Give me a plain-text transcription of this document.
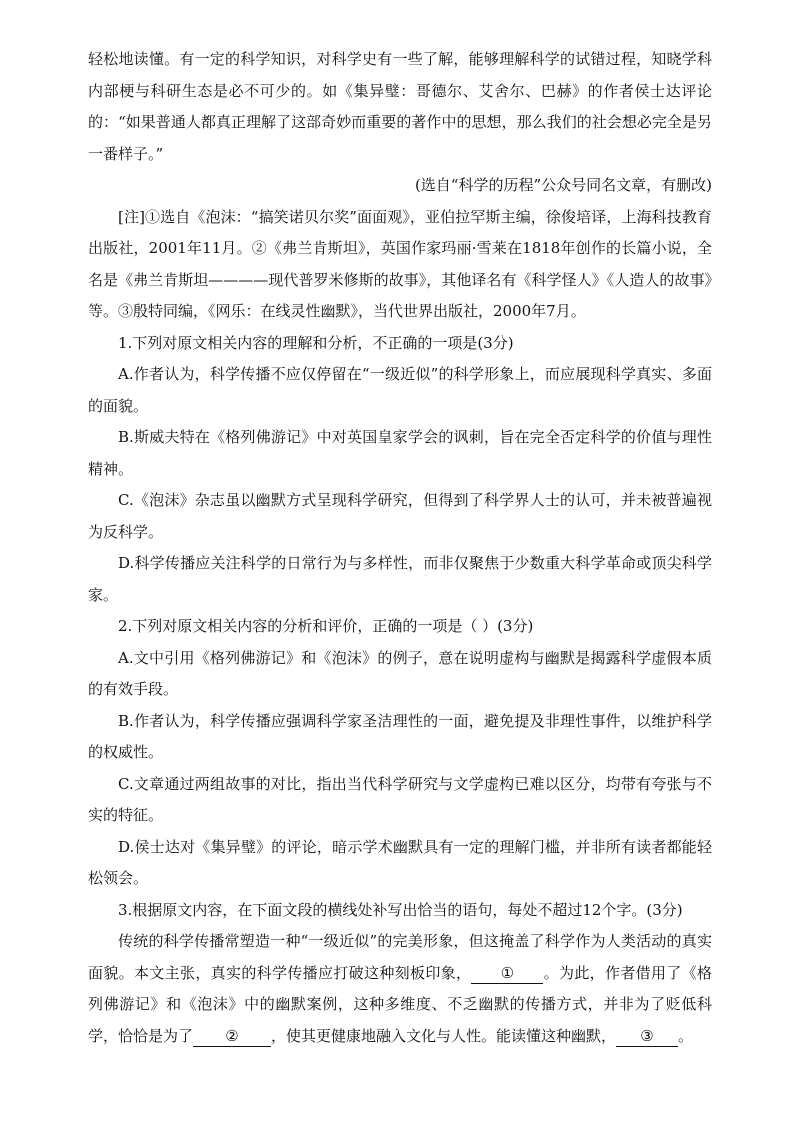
轻松地读懂。有一定的科学知识，对科学史有一些了解，能够理解科学的试错过程，知晓学科内部梗与科研生态是必不可少的。如《集异璧：哥德尔、艾舍尔、巴赫》的作者侯士达评论的：“如果普通人都真正理解了这部奇妙而重要的著作中的思想，那么我们的社会想必完全是另一番样子。”

(选自“科学的历程”公众号同名文章，有删改)

[注]①选自《泡沫：“搞笑诺贝尔奖”面面观》，亚伯拉罕斯主编，徐俊培译，上海科技教育出版社，2001年11月。②《弗兰肯斯坦》，英国作家玛丽·雪莱在1818年创作的长篇小说，全名是《弗兰肯斯坦————现代普罗米修斯的故事》，其他译名有《科学怪人》《人造人的故事》等。③殷特同编，《网乐：在线灵性幽默》，当代世界出版社，2000年7月。

1.下列对原文相关内容的理解和分析，不正确的一项是(3分)

A.作者认为，科学传播不应仅停留在“一级近似”的科学形象上，而应展现科学真实、多面的面貌。

B.斯威夫特在《格列佛游记》中对英国皇家学会的讽刺，旨在完全否定科学的价值与理性精神。

C.《泡沫》杂志虽以幽默方式呈现科学研究，但得到了科学界人士的认可，并未被普遍视为反科学。

D.科学传播应关注科学的日常行为与多样性，而非仅聚焦于少数重大科学革命或顶尖科学家。

2.下列对原文相关内容的分析和评价，正确的一项是（ ）(3分)

A.文中引用《格列佛游记》和《泡沫》的例子，意在说明虚构与幽默是揭露科学虚假本质的有效手段。

B.作者认为，科学传播应强调科学家圣洁理性的一面，避免提及非理性事件，以维护科学的权威性。

C.文章通过两组故事的对比，指出当代科学研究与文学虚构已难以区分，均带有夸张与不实的特征。

D.侯士达对《集异璧》的评论，暗示学术幽默具有一定的理解门槛，并非所有读者都能轻松领会。

3.根据原文内容，在下面文段的横线处补写出恰当的语句，每处不超过12个字。(3分)

传统的科学传播常塑造一种“一级近似”的完美形象，但这掩盖了科学作为人类活动的真实面貌。本文主张，真实的科学传播应打破这种刻板印象， ① 。为此，作者借用了《格列佛游记》和《泡沫》中的幽默案例，这种多维度、不乏幽默的传播方式，并非为了贬低科学，恰恰是为了 ② ，使其更健康地融入文化与人性。能读懂这种幽默， ③ 。
